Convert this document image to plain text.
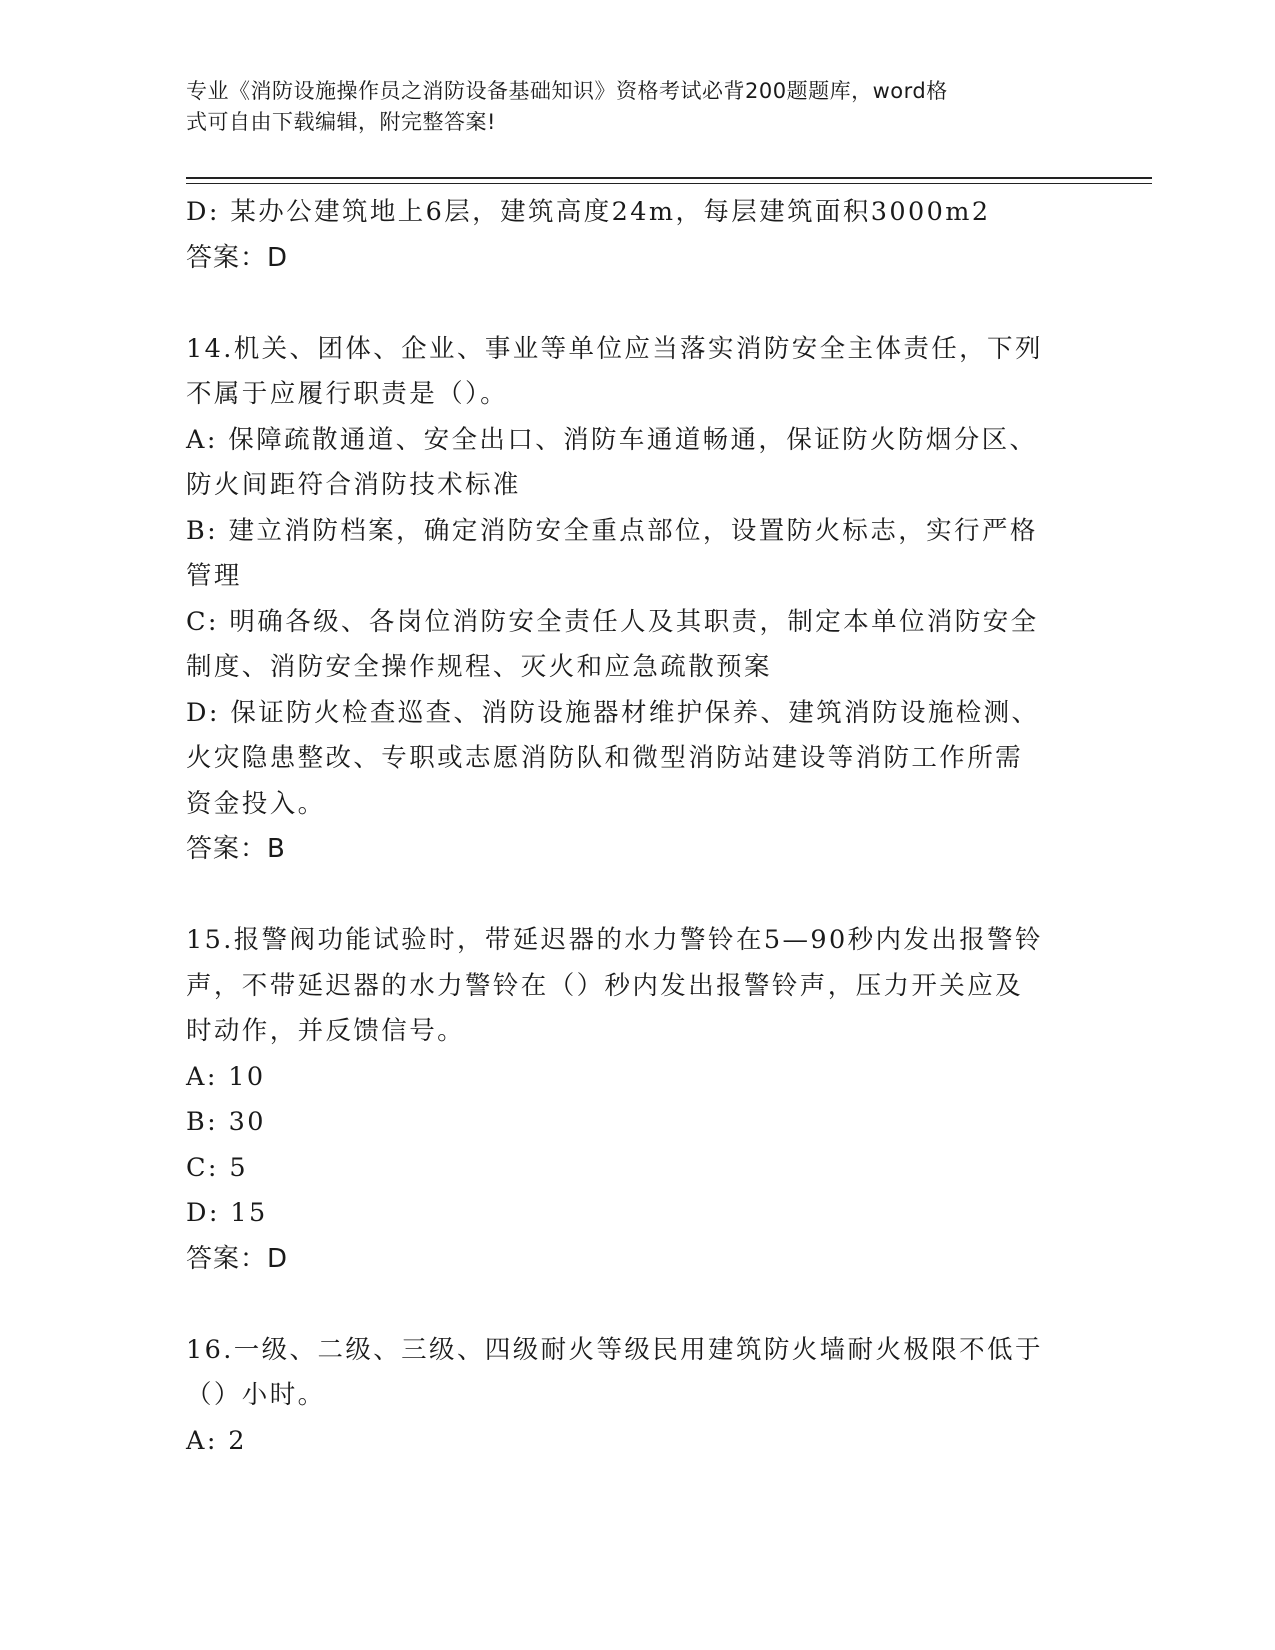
专业《消防设施操作员之消防设备基础知识》资格考试必背200题题库，word格
式可自由下载编辑，附完整答案!
D: 某办公建筑地上6层，建筑高度24m，每层建筑面积3000m2
答案：D
14.机关、团体、企业、事业等单位应当落实消防安全主体责任，下列
不属于应履行职责是（）。
A: 保障疏散通道、安全出口、消防车通道畅通，保证防火防烟分区、
防火间距符合消防技术标准
B: 建立消防档案，确定消防安全重点部位，设置防火标志，实行严格
管理
C: 明确各级、各岗位消防安全责任人及其职责，制定本单位消防安全
制度、消防安全操作规程、灭火和应急疏散预案
D: 保证防火检查巡查、消防设施器材维护保养、建筑消防设施检测、
火灾隐患整改、专职或志愿消防队和微型消防站建设等消防工作所需
资金投入。
答案：B
15.报警阀功能试验时，带延迟器的水力警铃在5—90秒内发出报警铃
声，不带延迟器的水力警铃在（）秒内发出报警铃声，压力开关应及
时动作，并反馈信号。
A: 10
B: 30
C: 5
D: 15
答案：D
16.一级、二级、三级、四级耐火等级民用建筑防火墙耐火极限不低于
（）小时。
A: 2
